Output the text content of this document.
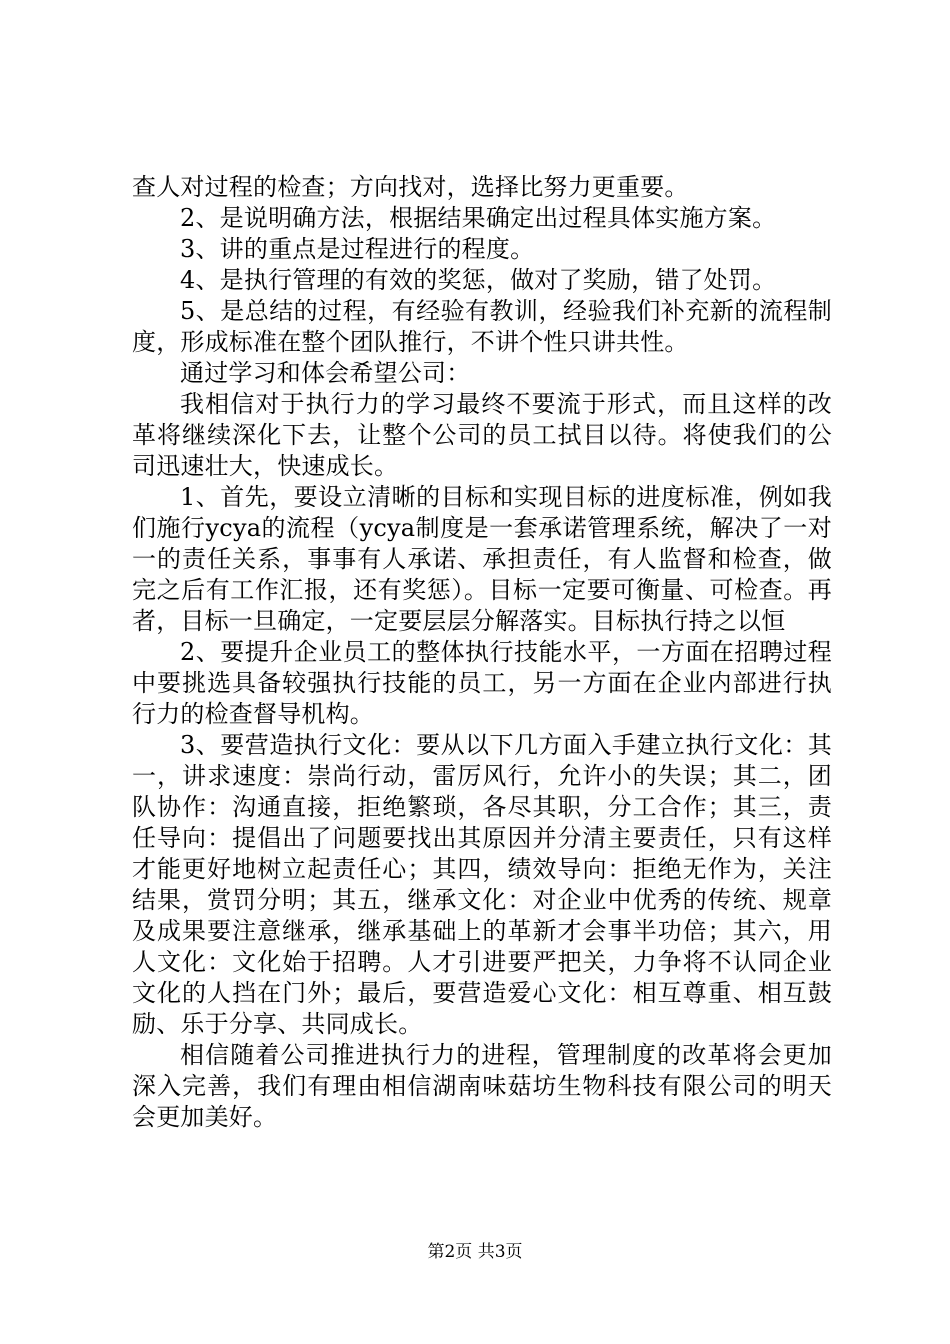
查人对过程的检查；方向找对，选择比努力更重要。

2、是说明确方法，根据结果确定出过程具体实施方案。

3、讲的重点是过程进行的程度。

4、是执行管理的有效的奖惩，做对了奖励，错了处罚。

5、是总结的过程，有经验有教训，经验我们补充新的流程制度，形成标准在整个团队推行，不讲个性只讲共性。

通过学习和体会希望公司：

我相信对于执行力的学习最终不要流于形式，而且这样的改革将继续深化下去，让整个公司的员工拭目以待。将使我们的公司迅速壮大，快速成长。

1、首先，要设立清晰的目标和实现目标的进度标准，例如我们施行ycya的流程（ycya制度是一套承诺管理系统，解决了一对一的责任关系，事事有人承诺、承担责任，有人监督和检查，做完之后有工作汇报，还有奖惩）。目标一定要可衡量、可检查。再者，目标一旦确定，一定要层层分解落实。目标执行持之以恒

2、要提升企业员工的整体执行技能水平，一方面在招聘过程中要挑选具备较强执行技能的员工，另一方面在企业内部进行执行力的检查督导机构。

3、要营造执行文化：要从以下几方面入手建立执行文化：其一，讲求速度：崇尚行动，雷厉风行，允许小的失误；其二，团队协作：沟通直接，拒绝繁琐，各尽其职，分工合作；其三，责任导向：提倡出了问题要找出其原因并分清主要责任，只有这样才能更好地树立起责任心；其四，绩效导向：拒绝无作为，关注结果，赏罚分明；其五，继承文化：对企业中优秀的传统、规章及成果要注意继承，继承基础上的革新才会事半功倍；其六，用人文化：文化始于招聘。人才引进要严把关，力争将不认同企业文化的人挡在门外；最后，要营造爱心文化：相互尊重、相互鼓励、乐于分享、共同成长。

相信随着公司推进执行力的进程，管理制度的改革将会更加深入完善，我们有理由相信湖南味菇坊生物科技有限公司的明天会更加美好。

第2页 共3页
